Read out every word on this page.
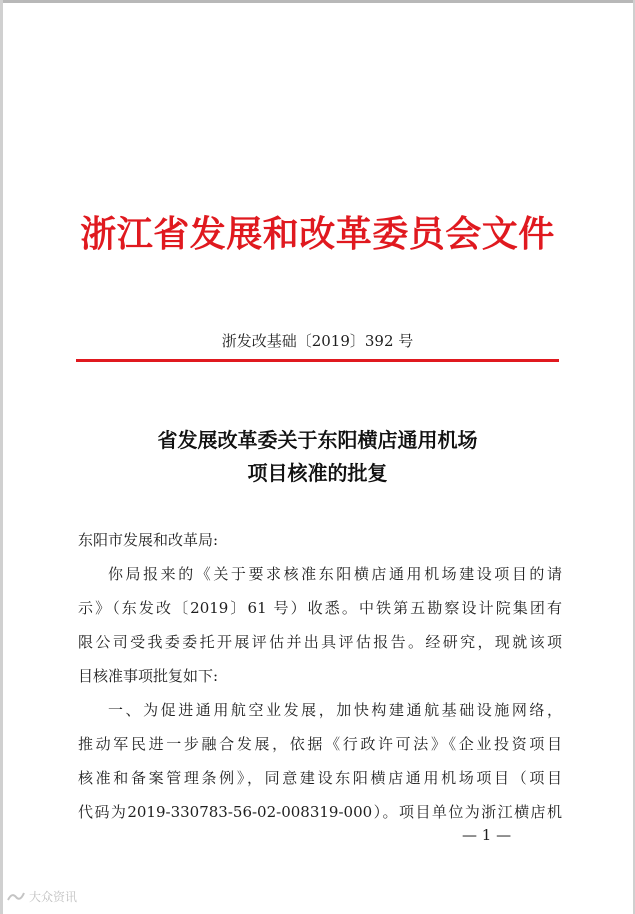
浙江省发展和改革委员会文件
浙发改基础〔2019〕392 号
省发展改革委关于东阳横店通用机场
项目核准的批复
东阳市发展和改革局:
你局报来的《关于要求核准东阳横店通用机场建设项目的请
示》（东发改〔2019〕61 号）收悉。中铁第五勘察设计院集团有
限公司受我委委托开展评估并出具评估报告。经研究，现就该项
目核准事项批复如下:
一、为促进通用航空业发展，加快构建通航基础设施网络，
推动军民进一步融合发展，依据《行政许可法》《企业投资项目
核准和备案管理条例》，同意建设东阳横店通用机场项目（项目
代码为2019-330783-56-02-008319-000）。项目单位为浙江横店机
— 1 —
大众资讯
